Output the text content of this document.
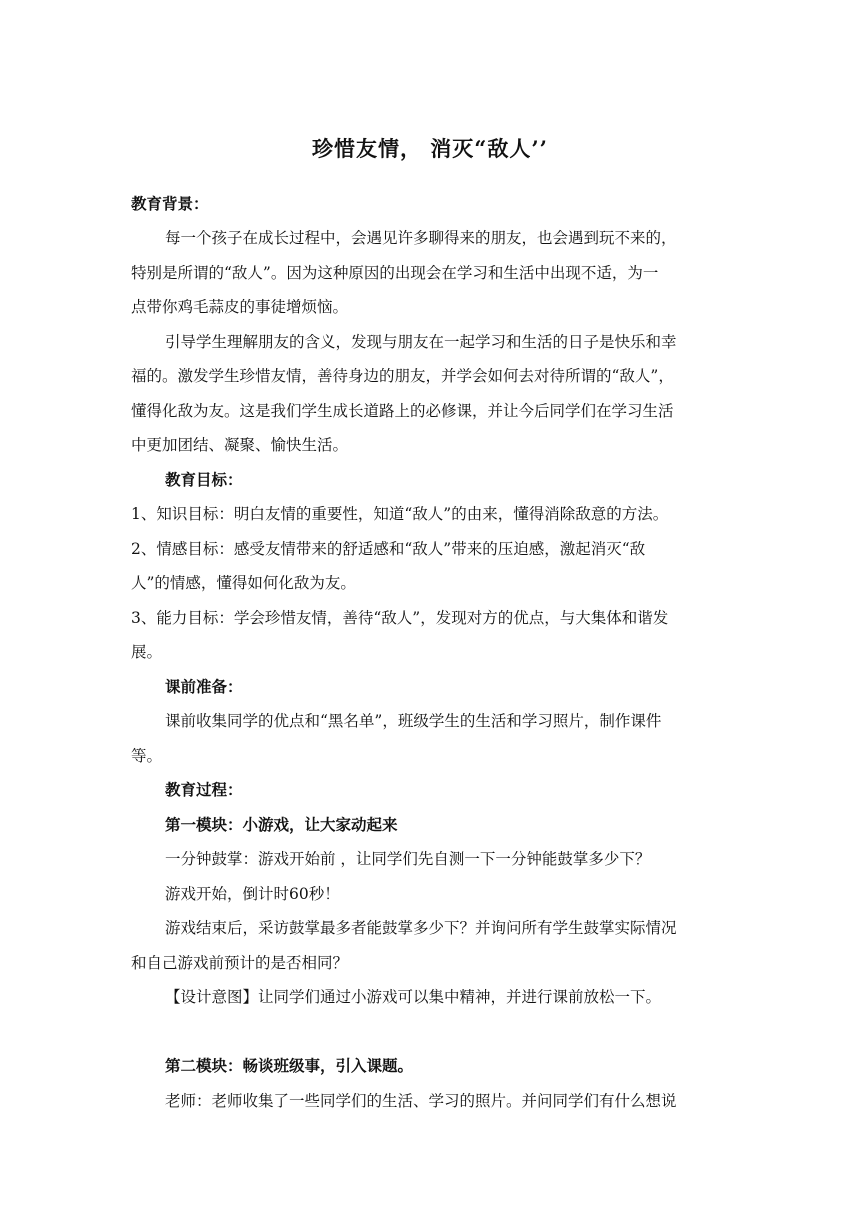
珍惜友情， 消灭“敌人’’
教育背景：
每一个孩子在成长过程中，会遇见许多聊得来的朋友，也会遇到玩不来的，
特别是所谓的“敌人”。因为这种原因的出现会在学习和生活中出现不适，为一
点带你鸡毛蒜皮的事徒增烦恼。
引导学生理解朋友的含义，发现与朋友在一起学习和生活的日子是快乐和幸
福的。激发学生珍惜友情，善待身边的朋友，并学会如何去对待所谓的“敌人”，
懂得化敌为友。这是我们学生成长道路上的必修课，并让今后同学们在学习生活
中更加团结、凝聚、愉快生活。
教育目标：
1、知识目标：明白友情的重要性，知道“敌人”的由来，懂得消除敌意的方法。
2、情感目标：感受友情带来的舒适感和“敌人”带来的压迫感，激起消灭“敌
人”的情感，懂得如何化敌为友。
3、能力目标：学会珍惜友情，善待“敌人”，发现对方的优点，与大集体和谐发
展。
课前准备：
课前收集同学的优点和“黑名单”，班级学生的生活和学习照片，制作课件
等。
教育过程：
第一模块：小游戏，让大家动起来
一分钟鼓掌：游戏开始前 ，让同学们先自测一下一分钟能鼓掌多少下？
游戏开始，倒计时60秒！
游戏结束后，采访鼓掌最多者能鼓掌多少下？并询问所有学生鼓掌实际情况
和自己游戏前预计的是否相同？
【设计意图】让同学们通过小游戏可以集中精神，并进行课前放松一下。
第二模块：畅谈班级事，引入课题。
老师：老师收集了一些同学们的生活、学习的照片。并问同学们有什么想说
